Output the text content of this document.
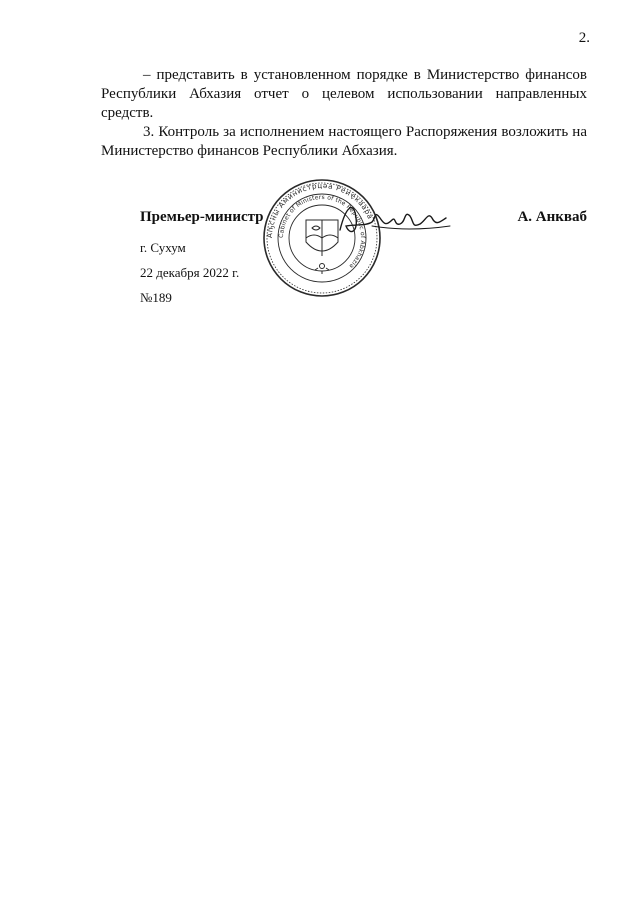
2.

– представить в установленном порядке в Министерство финансов Республики Абхазия отчет о целевом использовании направленных средств.

3. Контроль за исполнением настоящего Распоряжения возложить на Министерство финансов Республики Абхазия.

Аҧсны Аминистрцәа Реиҿкаара
Cabinet of Ministers of the Republic of Abkhazia
Премьер-министр	А. Анкваб
г. Сухум
22 декабря 2022 г.
№189
